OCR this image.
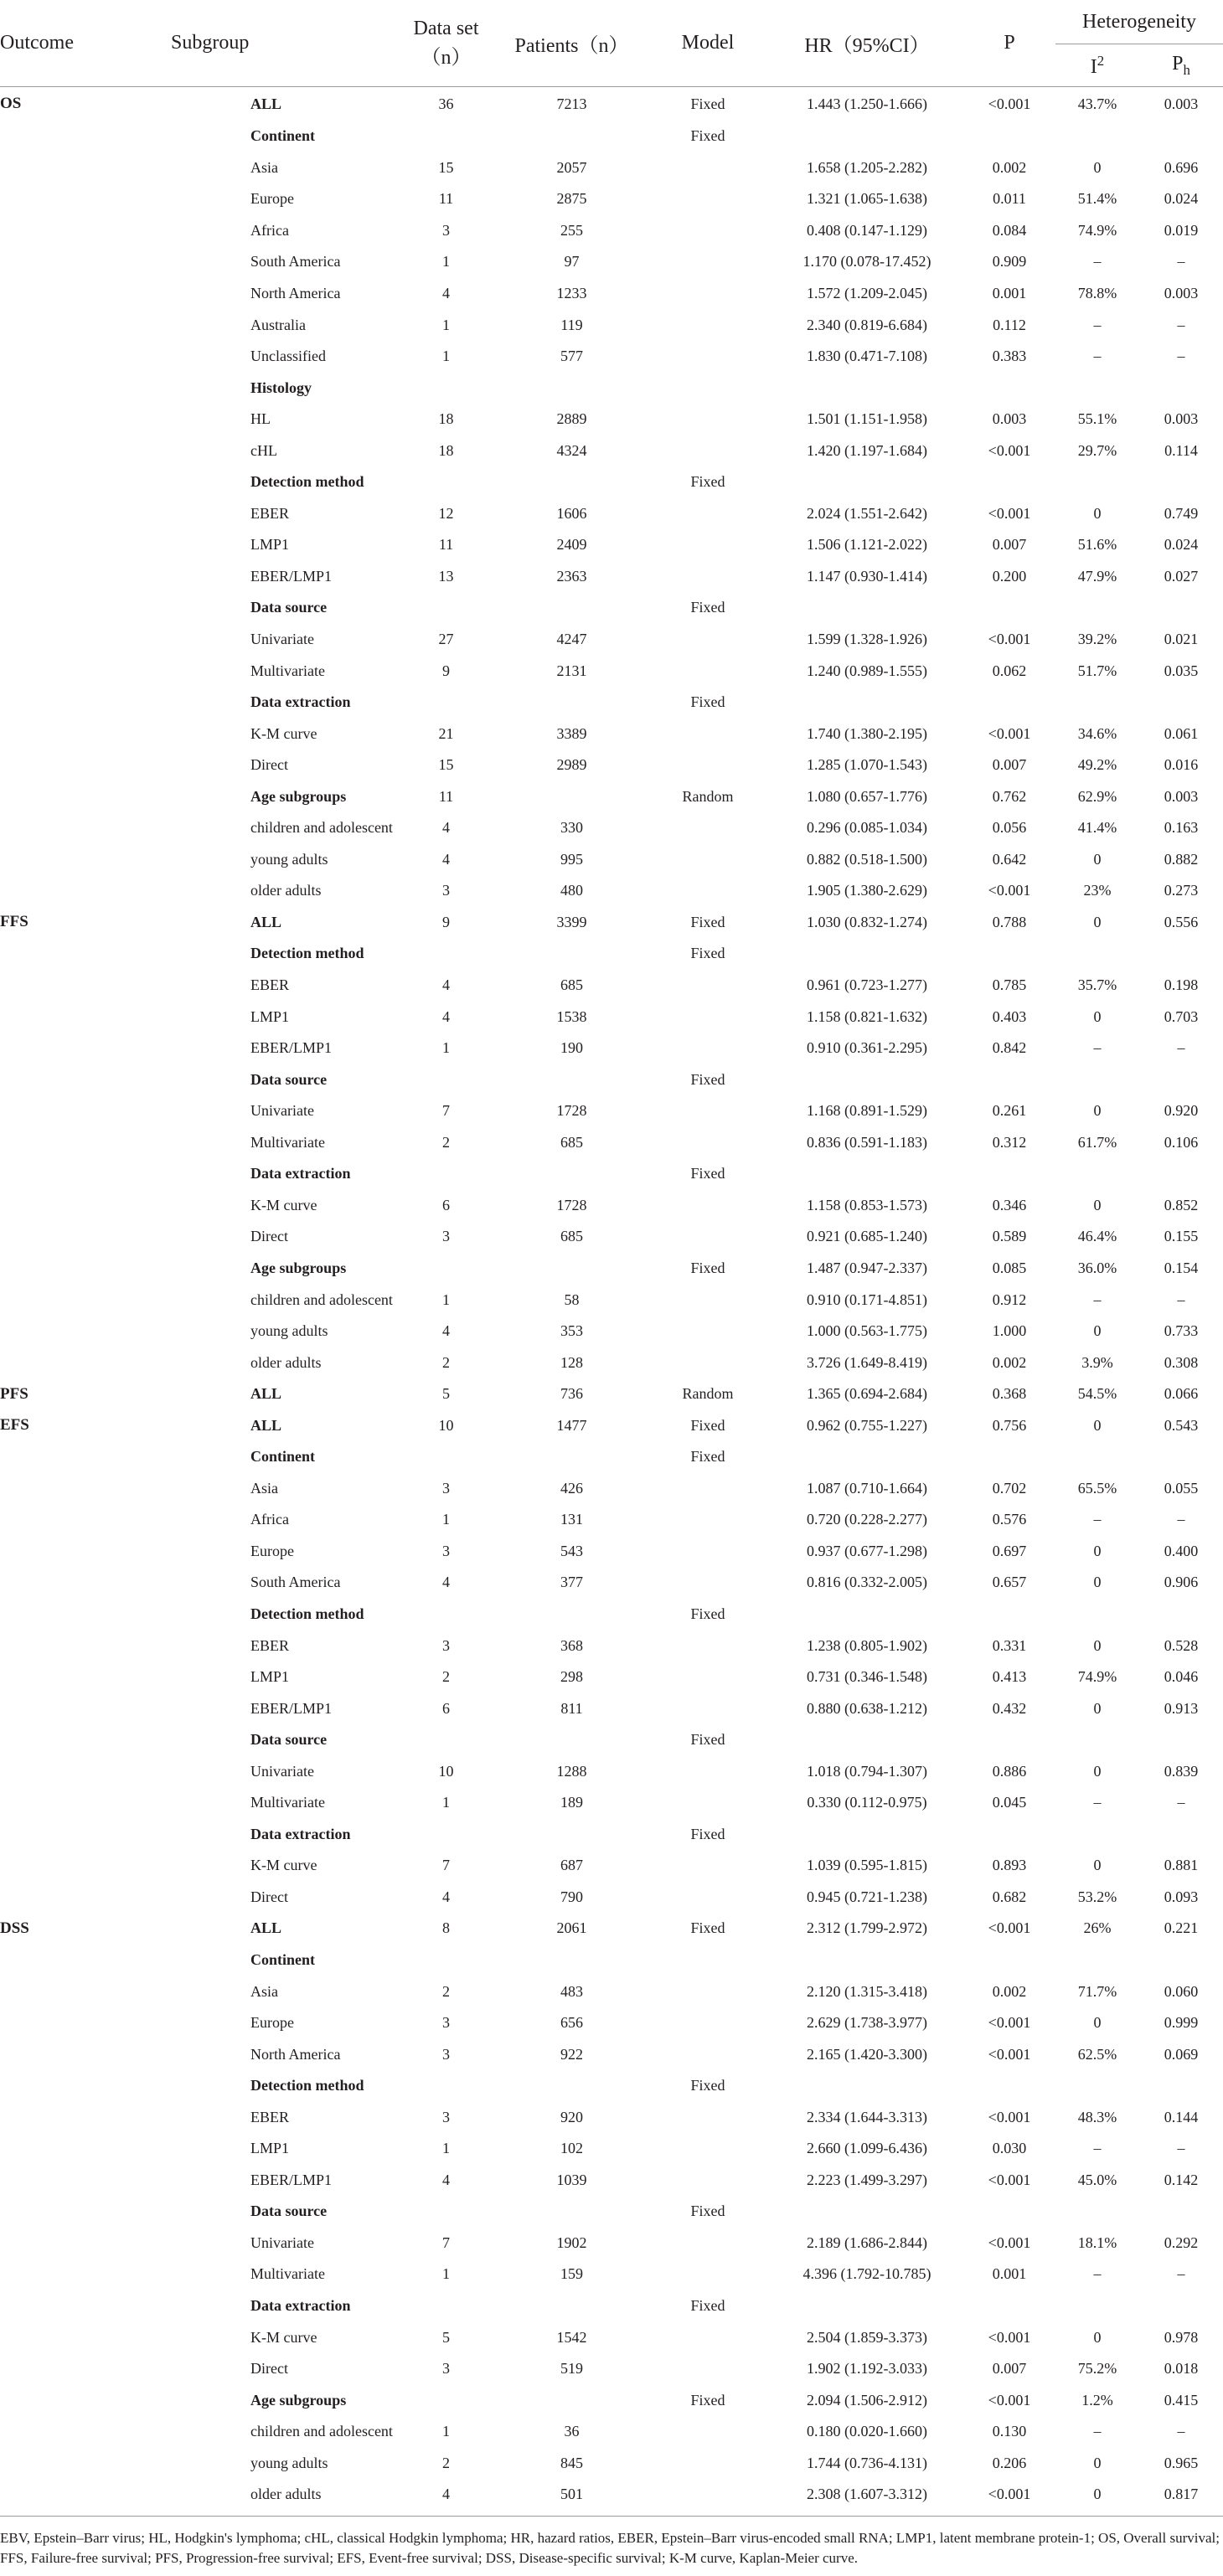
Outcome	Subgroup	Data set（n）	Patients（n）	Model	HR（95%CI）	P	Heterogeneity	
							$I^2$	$P_h$
OS	ALL	36	7213	Fixed	1.443 (1.250-1.666)	<0.001	43.7%	0.003
	Continent			Fixed				
	Asia	15	2057		1.658 (1.205-2.282)	0.002	0	0.696
	Europe	11	2875		1.321 (1.065-1.638)	0.011	51.4%	0.024
	Africa	3	255		0.408 (0.147-1.129)	0.084	74.9%	0.019
	South America	1	97		1.170 (0.078-17.452)	0.909	–	–
	North America	4	1233		1.572 (1.209-2.045)	0.001	78.8%	0.003
	Australia	1	119		2.340 (0.819-6.684)	0.112	–	–
	Unclassified	1	577		1.830 (0.471-7.108)	0.383	–	–
	Histology							
	HL	18	2889		1.501 (1.151-1.958)	0.003	55.1%	0.003
	cHL	18	4324		1.420 (1.197-1.684)	<0.001	29.7%	0.114
	Detection method			Fixed				
	EBER	12	1606		2.024 (1.551-2.642)	<0.001	0	0.749
	LMP1	11	2409		1.506 (1.121-2.022)	0.007	51.6%	0.024
	EBER/LMP1	13	2363		1.147 (0.930-1.414)	0.200	47.9%	0.027
	Data source			Fixed				
	Univariate	27	4247		1.599 (1.328-1.926)	<0.001	39.2%	0.021
	Multivariate	9	2131		1.240 (0.989-1.555)	0.062	51.7%	0.035
	Data extraction			Fixed				
	K-M curve	21	3389		1.740 (1.380-2.195)	<0.001	34.6%	0.061
	Direct	15	2989		1.285 (1.070-1.543)	0.007	49.2%	0.016
	Age subgroups	11		Random	1.080 (0.657-1.776)	0.762	62.9%	0.003
	children and adolescent	4	330		0.296 (0.085-1.034)	0.056	41.4%	0.163
	young adults	4	995		0.882 (0.518-1.500)	0.642	0	0.882
	older adults	3	480		1.905 (1.380-2.629)	<0.001	23%	0.273
FFS	ALL	9	3399	Fixed	1.030 (0.832-1.274)	0.788	0	0.556
	Detection method			Fixed				
	EBER	4	685		0.961 (0.723-1.277)	0.785	35.7%	0.198
	LMP1	4	1538		1.158 (0.821-1.632)	0.403	0	0.703
	EBER/LMP1	1	190		0.910 (0.361-2.295)	0.842	–	–
	Data source			Fixed				
	Univariate	7	1728		1.168 (0.891-1.529)	0.261	0	0.920
	Multivariate	2	685		0.836 (0.591-1.183)	0.312	61.7%	0.106
	Data extraction			Fixed				
	K-M curve	6	1728		1.158 (0.853-1.573)	0.346	0	0.852
	Direct	3	685		0.921 (0.685-1.240)	0.589	46.4%	0.155
	Age subgroups			Fixed	1.487 (0.947-2.337)	0.085	36.0%	0.154
	children and adolescent	1	58		0.910 (0.171-4.851)	0.912	–	–
	young adults	4	353		1.000 (0.563-1.775)	1.000	0	0.733
	older adults	2	128		3.726 (1.649-8.419)	0.002	3.9%	0.308
PFS	ALL	5	736	Random	1.365 (0.694-2.684)	0.368	54.5%	0.066
EFS	ALL	10	1477	Fixed	0.962 (0.755-1.227)	0.756	0	0.543
	Continent			Fixed				
	Asia	3	426		1.087 (0.710-1.664)	0.702	65.5%	0.055
	Africa	1	131		0.720 (0.228-2.277)	0.576	–	–
	Europe	3	543		0.937 (0.677-1.298)	0.697	0	0.400
	South America	4	377		0.816 (0.332-2.005)	0.657	0	0.906
	Detection method			Fixed				
	EBER	3	368		1.238 (0.805-1.902)	0.331	0	0.528
	LMP1	2	298		0.731 (0.346-1.548)	0.413	74.9%	0.046
	EBER/LMP1	6	811		0.880 (0.638-1.212)	0.432	0	0.913
	Data source			Fixed				
	Univariate	10	1288		1.018 (0.794-1.307)	0.886	0	0.839
	Multivariate	1	189		0.330 (0.112-0.975)	0.045	–	–
	Data extraction			Fixed				
	K-M curve	7	687		1.039 (0.595-1.815)	0.893	0	0.881
	Direct	4	790		0.945 (0.721-1.238)	0.682	53.2%	0.093
DSS	ALL	8	2061	Fixed	2.312 (1.799-2.972)	<0.001	26%	0.221
	Continent							
	Asia	2	483		2.120 (1.315-3.418)	0.002	71.7%	0.060
	Europe	3	656		2.629 (1.738-3.977)	<0.001	0	0.999
	North America	3	922		2.165 (1.420-3.300)	<0.001	62.5%	0.069
	Detection method			Fixed				
	EBER	3	920		2.334 (1.644-3.313)	<0.001	48.3%	0.144
	LMP1	1	102		2.660 (1.099-6.436)	0.030	–	–
	EBER/LMP1	4	1039		2.223 (1.499-3.297)	<0.001	45.0%	0.142
	Data source			Fixed				
	Univariate	7	1902		2.189 (1.686-2.844)	<0.001	18.1%	0.292
	Multivariate	1	159		4.396 (1.792-10.785)	0.001	–	–
	Data extraction			Fixed				
	K-M curve	5	1542		2.504 (1.859-3.373)	<0.001	0	0.978
	Direct	3	519		1.902 (1.192-3.033)	0.007	75.2%	0.018
	Age subgroups			Fixed	2.094 (1.506-2.912)	<0.001	1.2%	0.415
	children and adolescent	1	36		0.180 (0.020-1.660)	0.130	–	–
	young adults	2	845		1.744 (0.736-4.131)	0.206	0	0.965
	older adults	4	501		2.308 (1.607-3.312)	<0.001	0	0.817
EBV, Epstein–Barr virus; HL, Hodgkin's lymphoma; cHL, classical Hodgkin lymphoma; HR, hazard ratios, EBER, Epstein–Barr virus-encoded small RNA; LMP1, latent membrane protein-1; OS, Overall survival; FFS, Failure-free survival; PFS, Progression-free survival; EFS, Event-free survival; DSS, Disease-specific survival; K-M curve, Kaplan-Meier curve.
